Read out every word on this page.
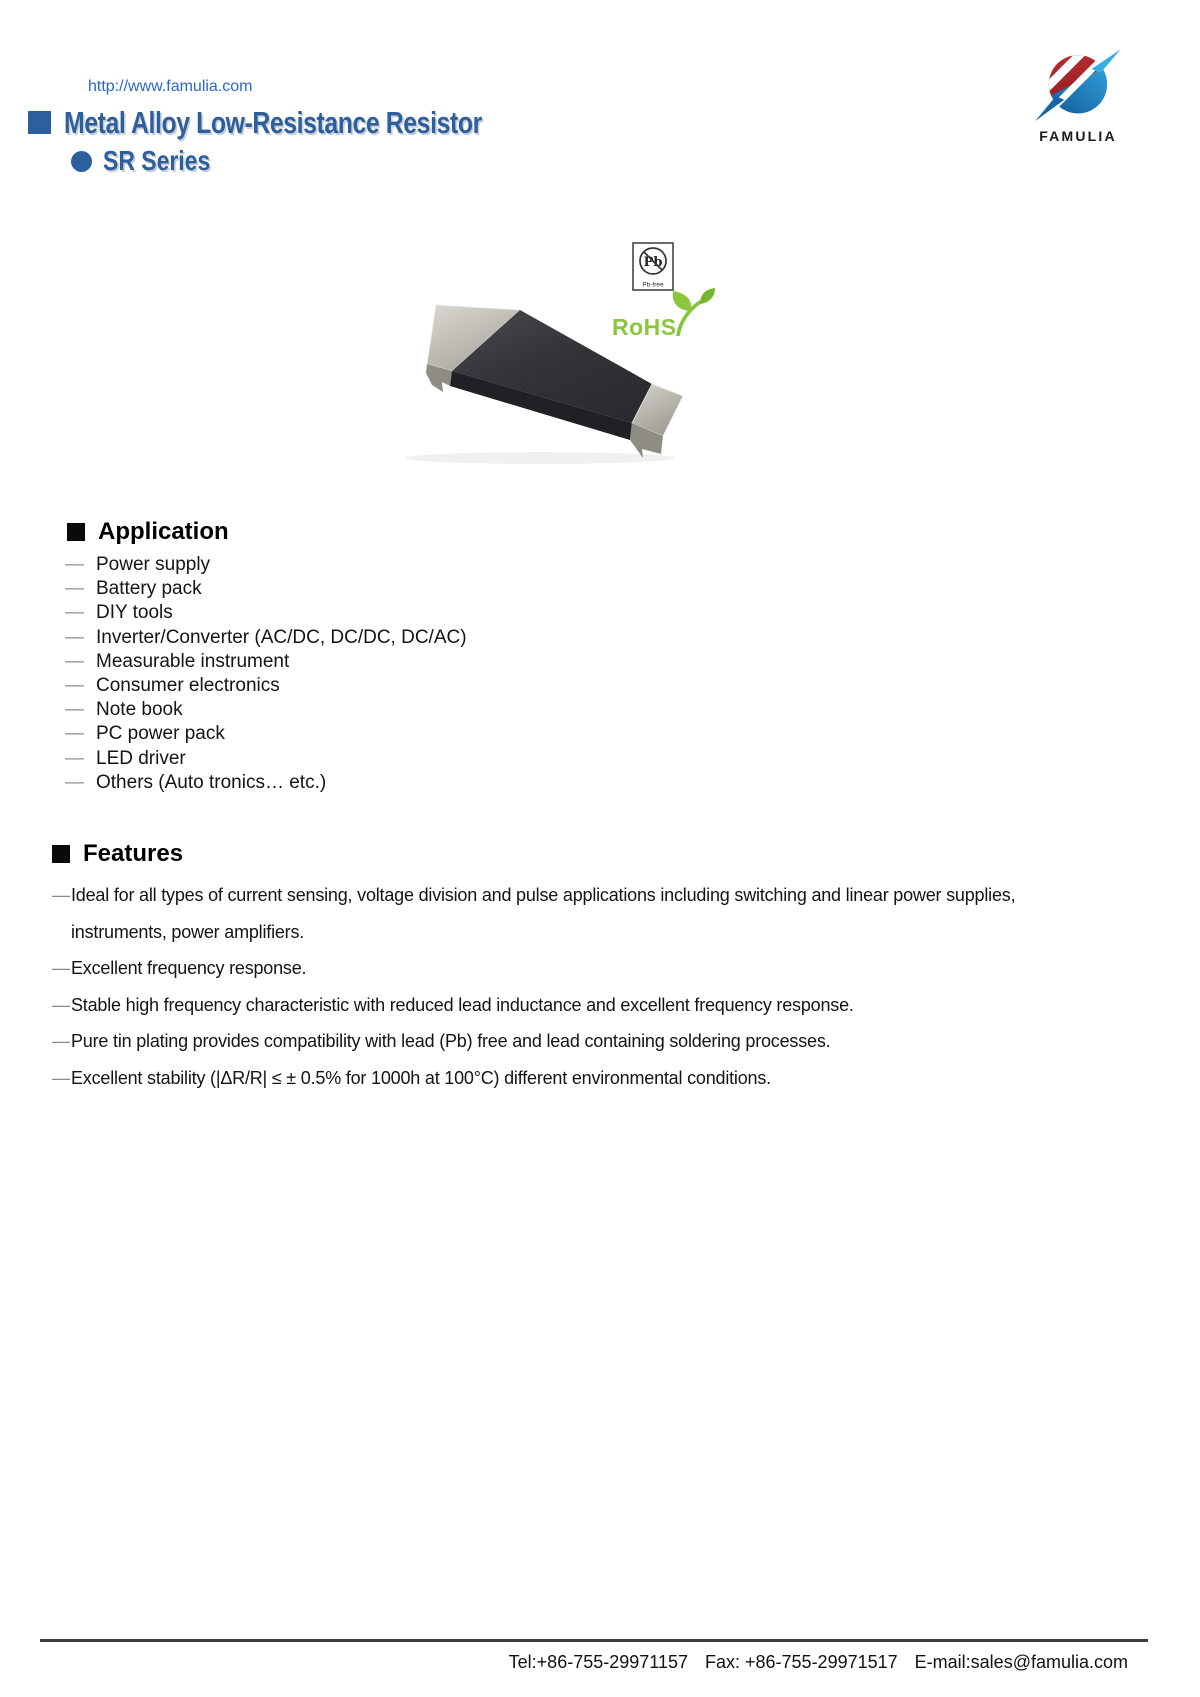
http://www.famulia.com
Metal Alloy Low-Resistance Resistor
SR Series
FAMULIA
Pb
Pb-free
RoHS
Application
— Power supply
— Battery pack
— DIY tools
— Inverter/Converter (AC/DC, DC/DC, DC/AC)
— Measurable instrument
— Consumer electronics
— Note book
— PC power pack
— LED driver
— Others (Auto tronics… etc.)
Features
— Ideal for all types of current sensing, voltage division and pulse applications including switching and linear power supplies, instruments, power amplifiers.
— Excellent frequency response.
— Stable high frequency characteristic with reduced lead inductance and excellent frequency response.
— Pure tin plating provides compatibility with lead (Pb) free and lead containing soldering processes.
— Excellent stability (|ΔR/R| ≤ ± 0.5% for 1000h at 100°C) different environmental conditions.
Tel:+86-755-29971157 Fax: +86-755-29971517 E-mail:sales@famulia.com
